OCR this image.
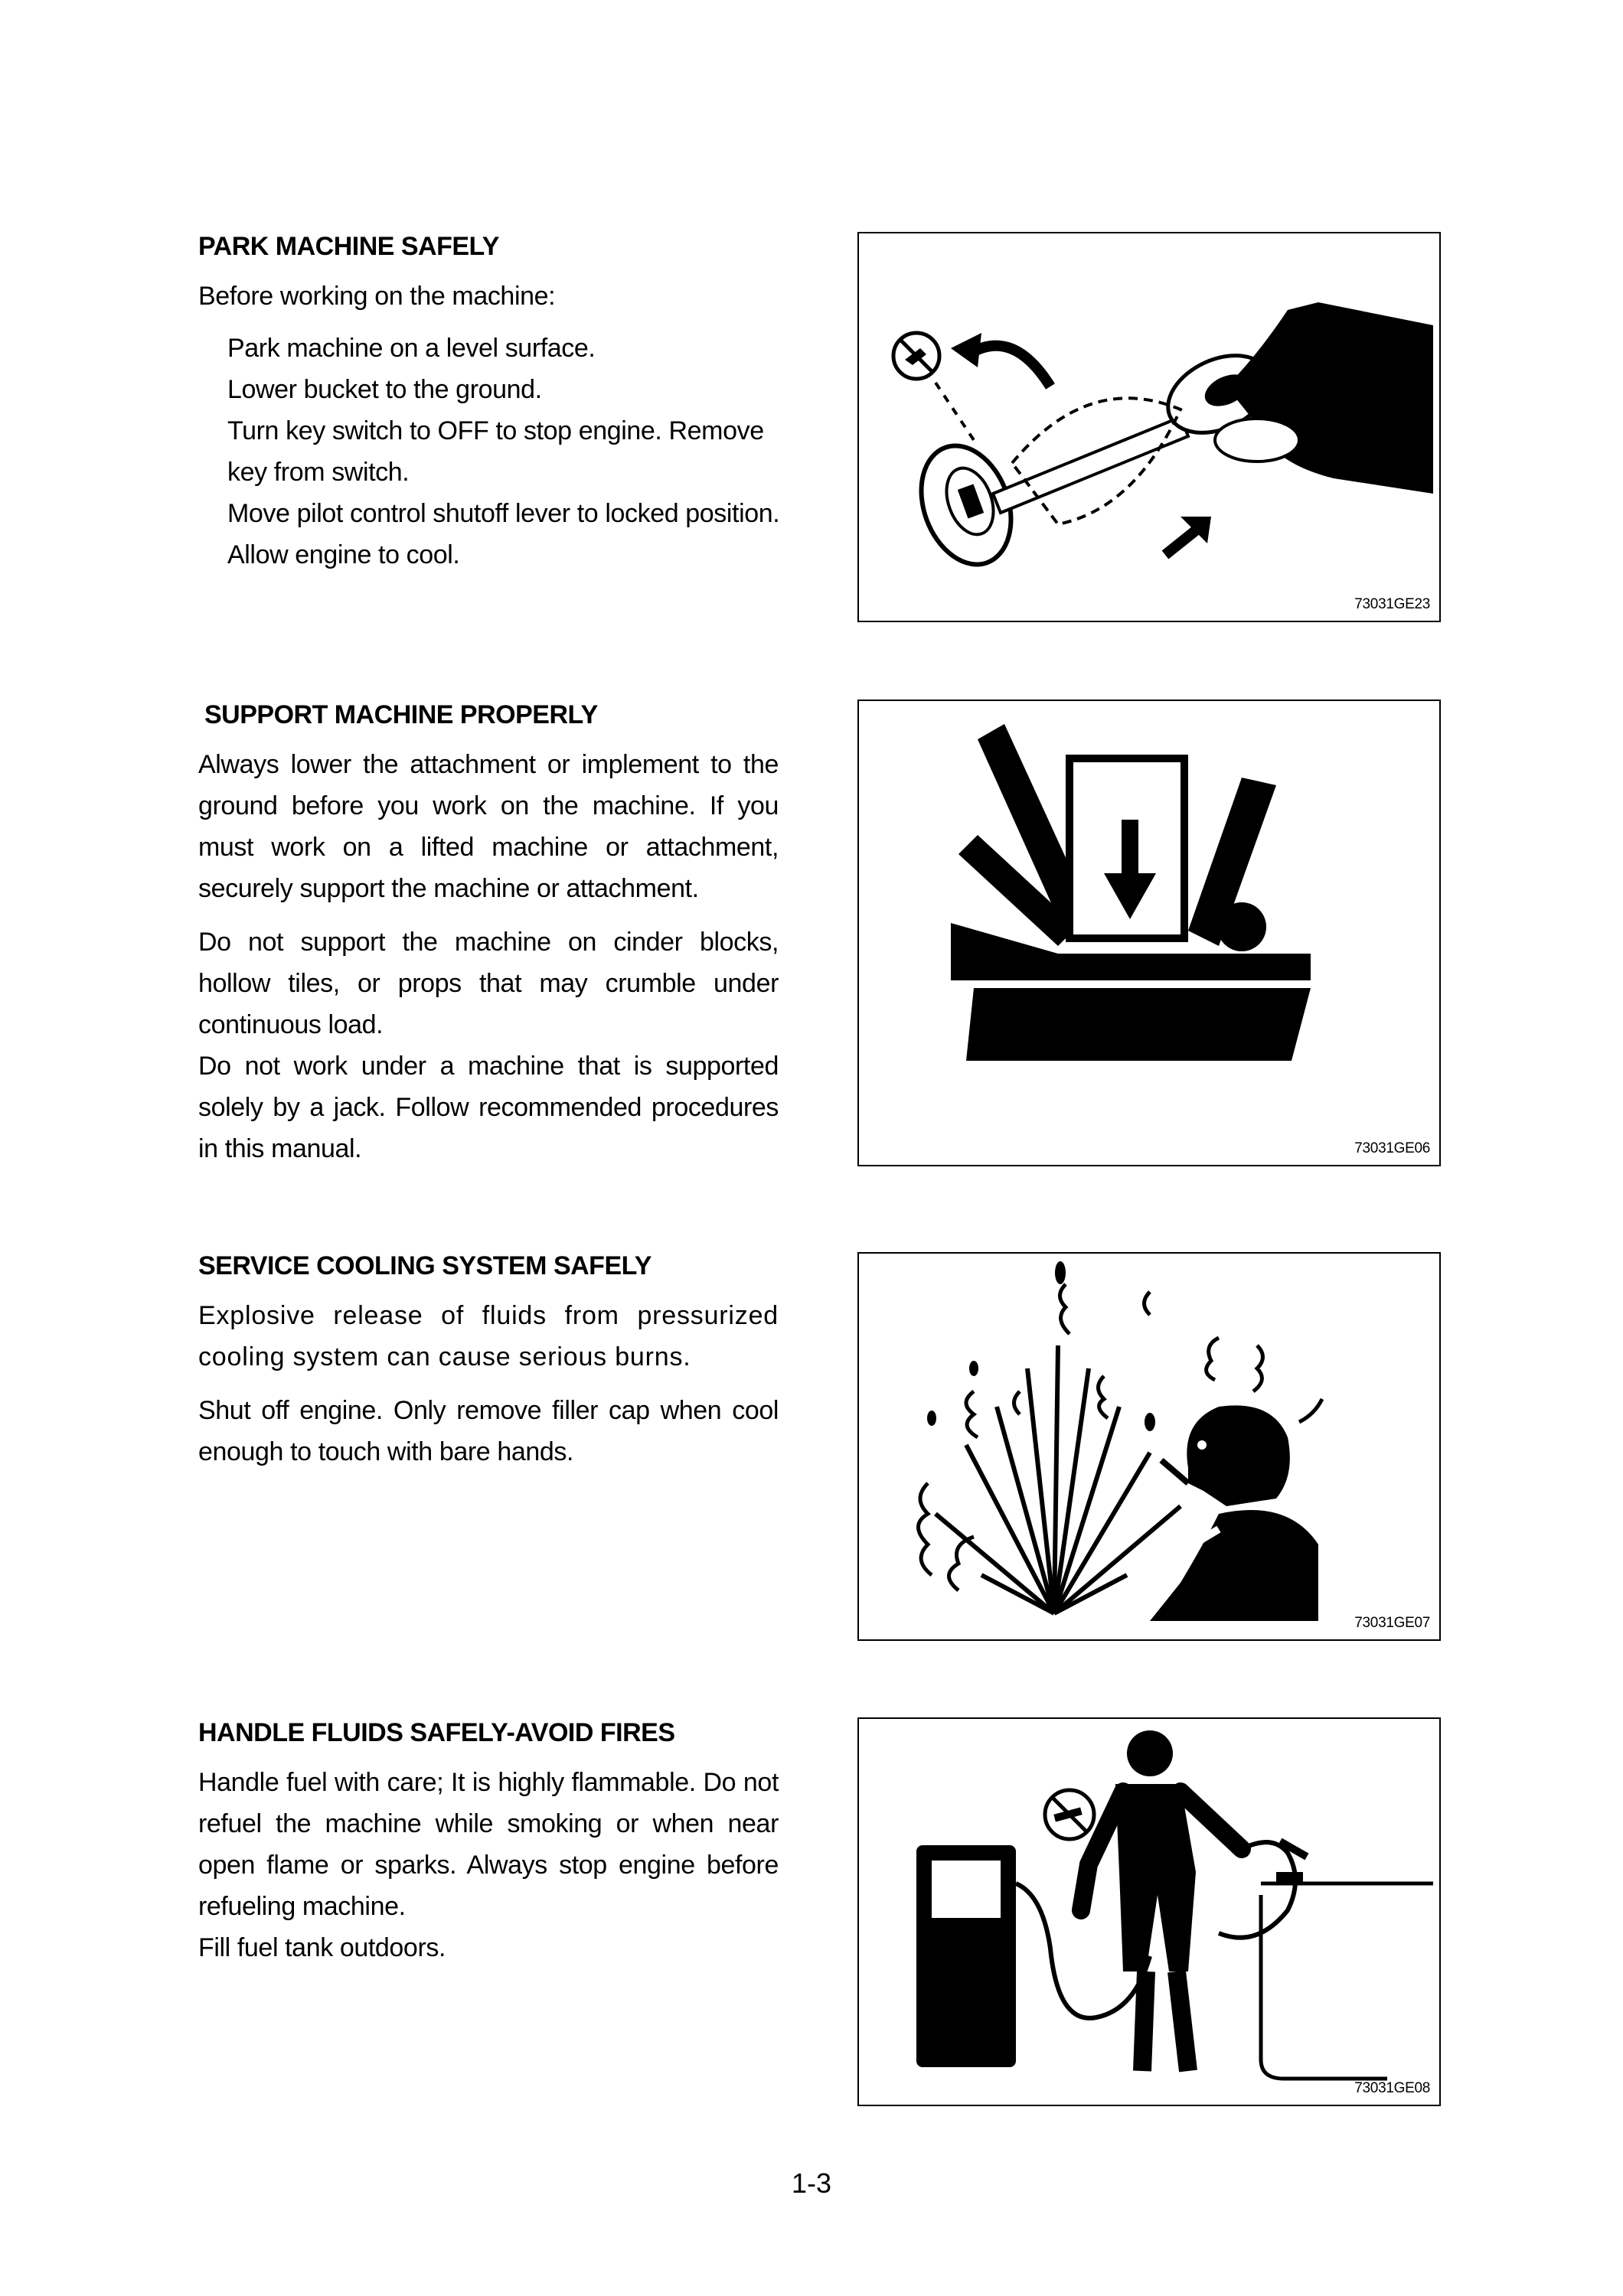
PARK MACHINE SAFELY
Before working on the machine:
Park machine on a level surface.
Lower bucket to the ground.
Turn key switch to OFF to stop engine. Remove
key from switch.
Move pilot control shutoff lever to locked position.
Allow engine to cool.
73031GE23
SUPPORT MACHINE PROPERLY
Always lower the attachment or implement to the ground before you work on the machine. If you must work on a lifted machine or attachment, securely support the machine or attachment.
Do not support the machine on cinder blocks, hollow tiles, or props that may crumble under continuous load.
Do not work under a machine that is supported solely by a jack. Follow recommended procedures in this manual.	73031GE06
SERVICE COOLING SYSTEM SAFELY
Explosive release of fluids from pressurized cooling system can cause serious burns.
Shut off engine. Only remove filler cap when cool enough to touch with bare hands.
73031GE07
HANDLE FLUIDS SAFELY-AVOID FIRES
Handle fuel with care; It is highly flammable. Do not refuel the machine while smoking or when near open flame or sparks. Always stop engine before refueling machine.
Fill fuel tank outdoors.
73031GE08
1-3
